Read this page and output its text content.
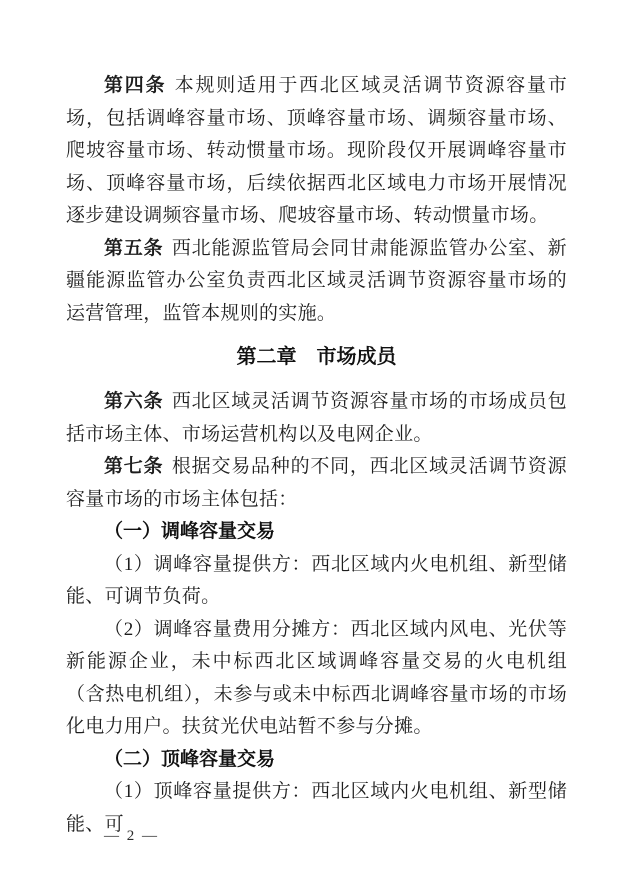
第四条 本规则适用于西北区域灵活调节资源容量市场，包括调峰容量市场、顶峰容量市场、调频容量市场、爬坡容量市场、转动惯量市场。现阶段仅开展调峰容量市场、顶峰容量市场，后续依据西北区域电力市场开展情况逐步建设调频容量市场、爬坡容量市场、转动惯量市场。

第五条 西北能源监管局会同甘肃能源监管办公室、新疆能源监管办公室负责西北区域灵活调节资源容量市场的运营管理，监管本规则的实施。

第二章　市场成员

第六条 西北区域灵活调节资源容量市场的市场成员包括市场主体、市场运营机构以及电网企业。

第七条 根据交易品种的不同，西北区域灵活调节资源容量市场的市场主体包括：

（一）调峰容量交易

（1）调峰容量提供方：西北区域内火电机组、新型储能、可调节负荷。

（2）调峰容量费用分摊方：西北区域内风电、光伏等新能源企业，未中标西北区域调峰容量交易的火电机组（含热电机组），未参与或未中标西北调峰容量市场的市场化电力用户。扶贫光伏电站暂不参与分摊。

（二）顶峰容量交易

（1）顶峰容量提供方：西北区域内火电机组、新型储能、可

— 2 —
